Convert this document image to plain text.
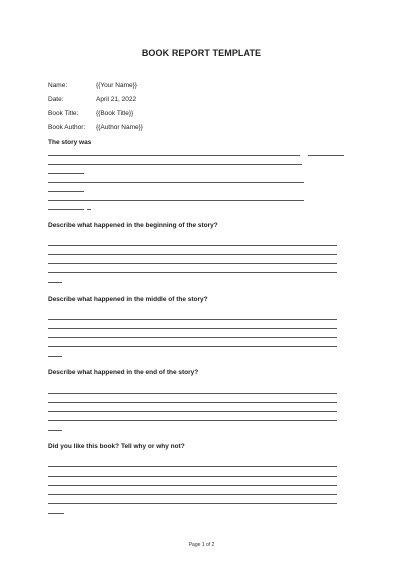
BOOK REPORT TEMPLATE
Name:	{{Your Name}}
Date:	April 21, 2022
Book Title:	{{Book Title}}
Book Author: {{Author Name}}
The story was
Describe what happened in the beginning of the story?
Describe what happened in the middle of the story?
Describe what happened in the end of the story?
Did you like this book? Tell why or why not?
Page 1 of 2
